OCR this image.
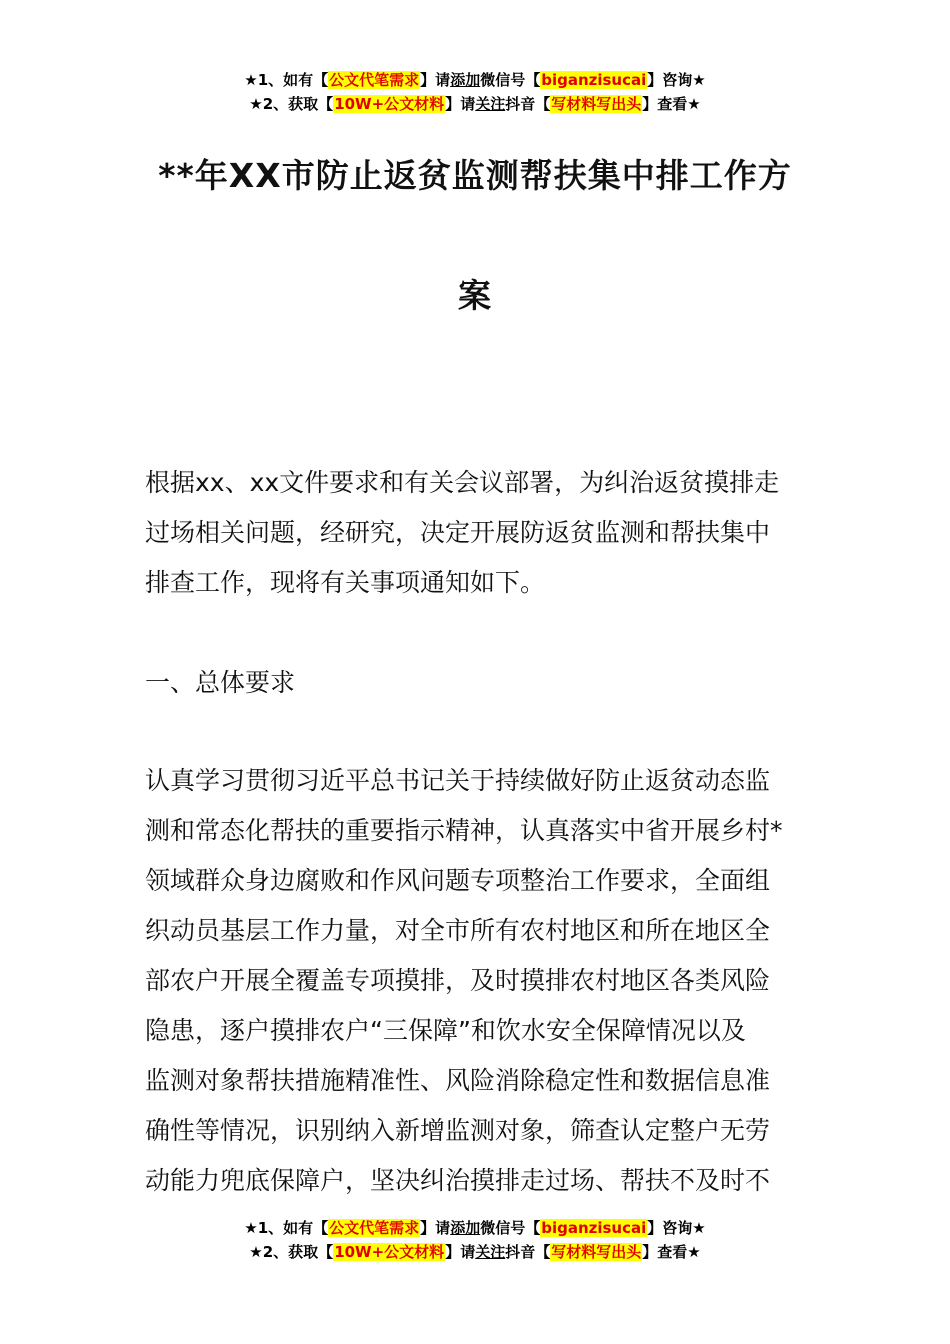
★1、如有【公文代笔需求】请添加微信号【biganzisucai】咨询★
★2、获取【10W+公文材料】请关注抖音【写材料写出头】查看★
**年XX市防止返贫监测帮扶集中排工作方
案

根据xx、xx文件要求和有关会议部署，为纠治返贫摸排走
过场相关问题，经研究，决定开展防返贫监测和帮扶集中
排查工作，现将有关事项通知如下。

一、总体要求

认真学习贯彻习近平总书记关于持续做好防止返贫动态监
测和常态化帮扶的重要指示精神，认真落实中省开展乡村*
领域群众身边腐败和作风问题专项整治工作要求，全面组
织动员基层工作力量，对全市所有农村地区和所在地区全
部农户开展全覆盖专项摸排，及时摸排农村地区各类风险
隐患，逐户摸排农户“三保障”和饮水安全保障情况以及
监测对象帮扶措施精准性、风险消除稳定性和数据信息准
确性等情况，识别纳入新增监测对象，筛查认定整户无劳
动能力兜底保障户，坚决纠治摸排走过场、帮扶不及时不

★1、如有【公文代笔需求】请添加微信号【biganzisucai】咨询★
★2、获取【10W+公文材料】请关注抖音【写材料写出头】查看★
